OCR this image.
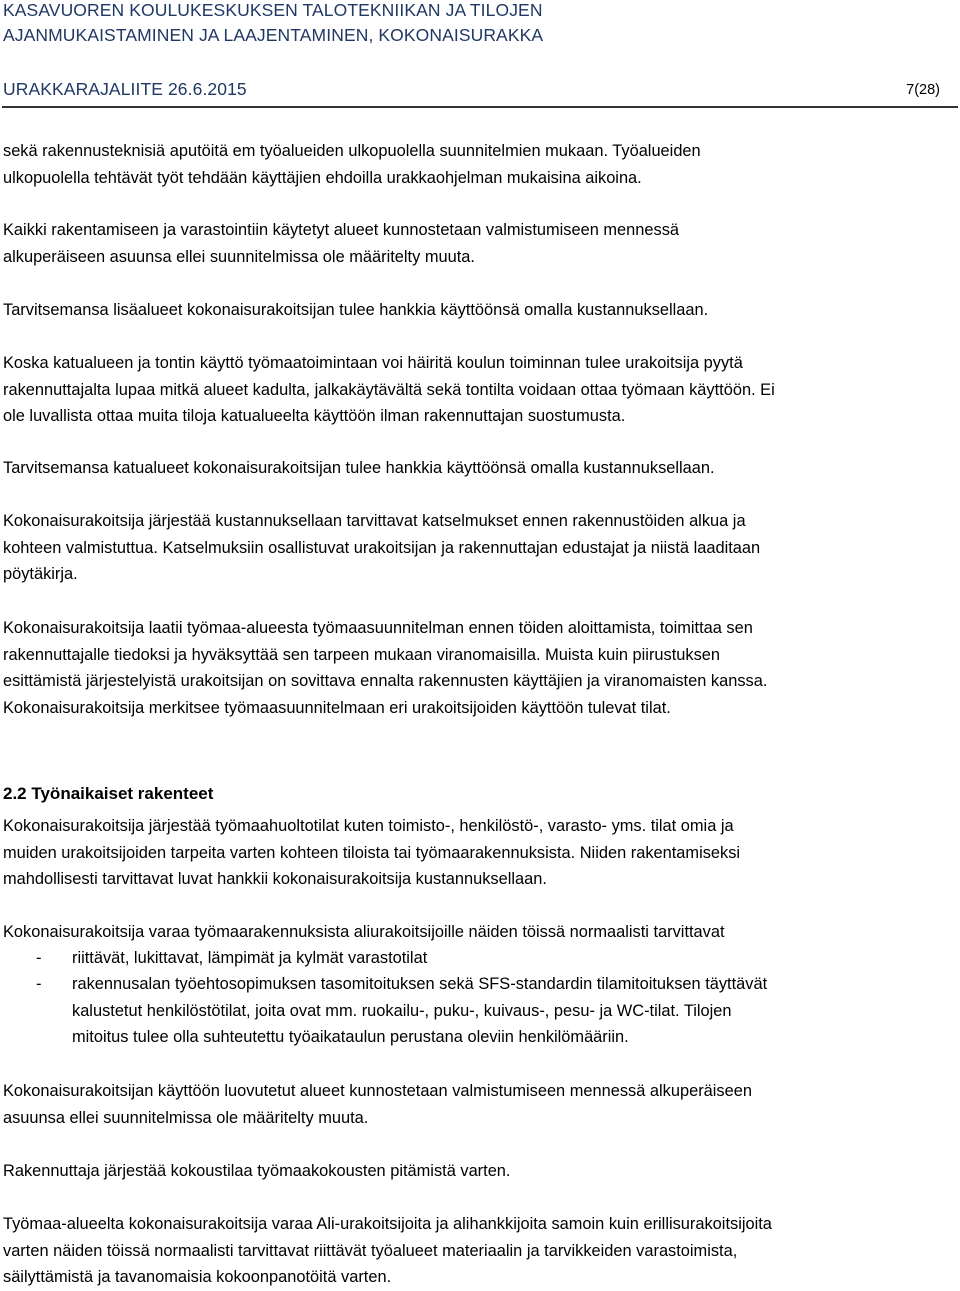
KASAVUOREN KOULUKESKUKSEN TALOTEKNIIKAN JA TILOJEN
AJANMUKAISTAMINEN JA LAAJENTAMINEN, KOKONAISURAKKA
URAKKARAJALIITE 26.6.2015	7(28)
sekä rakennusteknisiä aputöitä em työalueiden ulkopuolella suunnitelmien mukaan. Työalueiden
ulkopuolella tehtävät työt tehdään käyttäjien ehdoilla urakkaohjelman mukaisina aikoina.
Kaikki rakentamiseen ja varastointiin käytetyt alueet kunnostetaan valmistumiseen mennessä
alkuperäiseen asuunsa ellei suunnitelmissa ole määritelty muuta.
Tarvitsemansa lisäalueet kokonaisurakoitsijan tulee hankkia käyttöönsä omalla kustannuksellaan.
Koska katualueen ja tontin käyttö työmaatoimintaan voi häiritä koulun toiminnan tulee urakoitsija pyytä
rakennuttajalta lupaa mitkä alueet kadulta, jalkakäytävältä sekä tontilta voidaan ottaa työmaan käyttöön. Ei
ole luvallista ottaa muita tiloja katualueelta käyttöön ilman rakennuttajan suostumusta.
Tarvitsemansa katualueet kokonaisurakoitsijan tulee hankkia käyttöönsä omalla kustannuksellaan.
Kokonaisurakoitsija järjestää kustannuksellaan tarvittavat katselmukset ennen rakennustöiden alkua ja
kohteen valmistuttua. Katselmuksiin osallistuvat urakoitsijan ja rakennuttajan edustajat ja niistä laaditaan
pöytäkirja.
Kokonaisurakoitsija laatii työmaa-alueesta työmaasuunnitelman ennen töiden aloittamista, toimittaa sen
rakennuttajalle tiedoksi ja hyväksyttää sen tarpeen mukaan viranomaisilla. Muista kuin piirustuksen
esittämistä järjestelyistä urakoitsijan on sovittava ennalta rakennusten käyttäjien ja viranomaisten kanssa.
Kokonaisurakoitsija merkitsee työmaasuunnitelmaan eri urakoitsijoiden käyttöön tulevat tilat.
2.2 Työnaikaiset rakenteet
Kokonaisurakoitsija järjestää työmaahuoltotilat kuten toimisto-, henkilöstö-, varasto- yms. tilat omia ja
muiden urakoitsijoiden tarpeita varten kohteen tiloista tai työmaarakennuksista. Niiden rakentamiseksi
mahdollisesti tarvittavat luvat hankkii kokonaisurakoitsija kustannuksellaan.
Kokonaisurakoitsija varaa työmaarakennuksista aliurakoitsijoille näiden töissä normaalisti tarvittavat
- riittävät, lukittavat, lämpimät ja kylmät varastotilat
- rakennusalan työehtosopimuksen tasomitoituksen sekä SFS-standardin tilamitoituksen täyttävät
kalustetut henkilöstötilat, joita ovat mm. ruokailu-, puku-, kuivaus-, pesu- ja WC-tilat. Tilojen
mitoitus tulee olla suhteutettu työaikataulun perustana oleviin henkilömääriin.
Kokonaisurakoitsijan käyttöön luovutetut alueet kunnostetaan valmistumiseen mennessä alkuperäiseen
asuunsa ellei suunnitelmissa ole määritelty muuta.
Rakennuttaja järjestää kokoustilaa työmaakokousten pitämistä varten.
Työmaa-alueelta kokonaisurakoitsija varaa Ali-urakoitsijoita ja alihankkijoita samoin kuin erillisurakoitsijoita
varten näiden töissä normaalisti tarvittavat riittävät työalueet materiaalin ja tarvikkeiden varastoimista,
säilyttämistä ja tavanomaisia kokoonpanotöitä varten.
